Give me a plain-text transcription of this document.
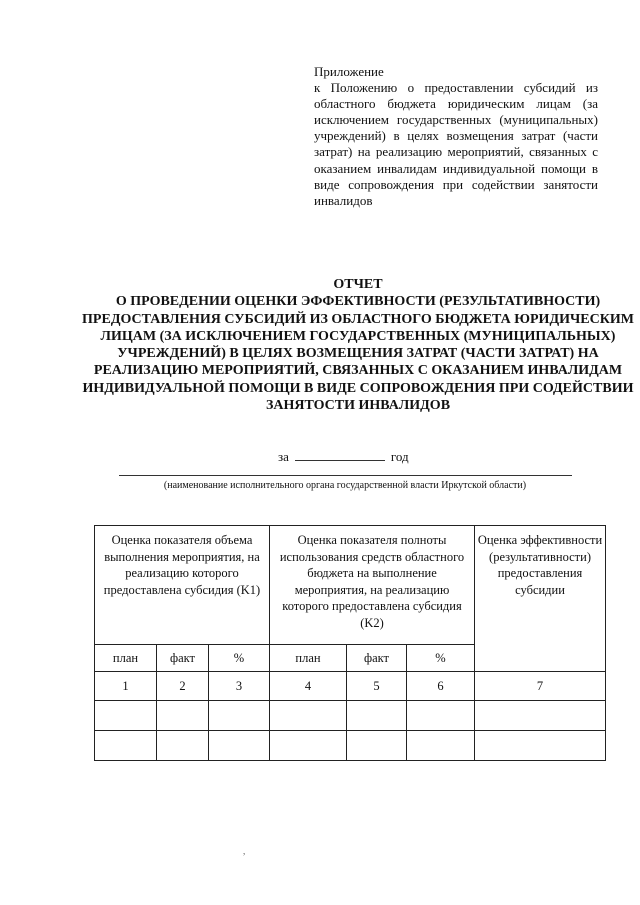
Приложение
к Положению о предоставлении субсидий из областного бюджета юридическим лицам (за исключением государственных (муниципальных) учреждений) в целях возмещения затрат (части затрат) на реализацию мероприятий, связанных с оказанием инвалидам индивидуальной помощи в виде сопровождения при содействии занятости инвалидов
ОТЧЕТ
О ПРОВЕДЕНИИ ОЦЕНКИ ЭФФЕКТИВНОСТИ (РЕЗУЛЬТАТИВНОСТИ) ПРЕДОСТАВЛЕНИЯ СУБСИДИЙ ИЗ ОБЛАСТНОГО БЮДЖЕТА ЮРИДИЧЕСКИМ ЛИЦАМ (ЗА ИСКЛЮЧЕНИЕМ ГОСУДАРСТВЕННЫХ (МУНИЦИПАЛЬНЫХ) УЧРЕЖДЕНИЙ) В ЦЕЛЯХ ВОЗМЕЩЕНИЯ ЗАТРАТ (ЧАСТИ ЗАТРАТ) НА РЕАЛИЗАЦИЮ МЕРОПРИЯТИЙ, СВЯЗАННЫХ С ОКАЗАНИЕМ ИНВАЛИДАМ ИНДИВИДУАЛЬНОЙ ПОМОЩИ В ВИДЕ СОПРОВОЖДЕНИЯ ПРИ СОДЕЙСТВИИ ЗАНЯТОСТИ ИНВАЛИДОВ
за	год
(наименование исполнительного органа государственной власти Иркутской области)
Оценка показателя объема выполнения мероприятия, на реализацию которого предоставлена субсидия (K1)			Оценка показателя полноты использования средств областного бюджета на выполнение мероприятия, на реализацию которого предоставлена субсидия (K2)			Оценка эффективности (результативности) предоставления субсидии
план	факт	%	план	факт	%	
1	2	3	4	5	6	7

,
